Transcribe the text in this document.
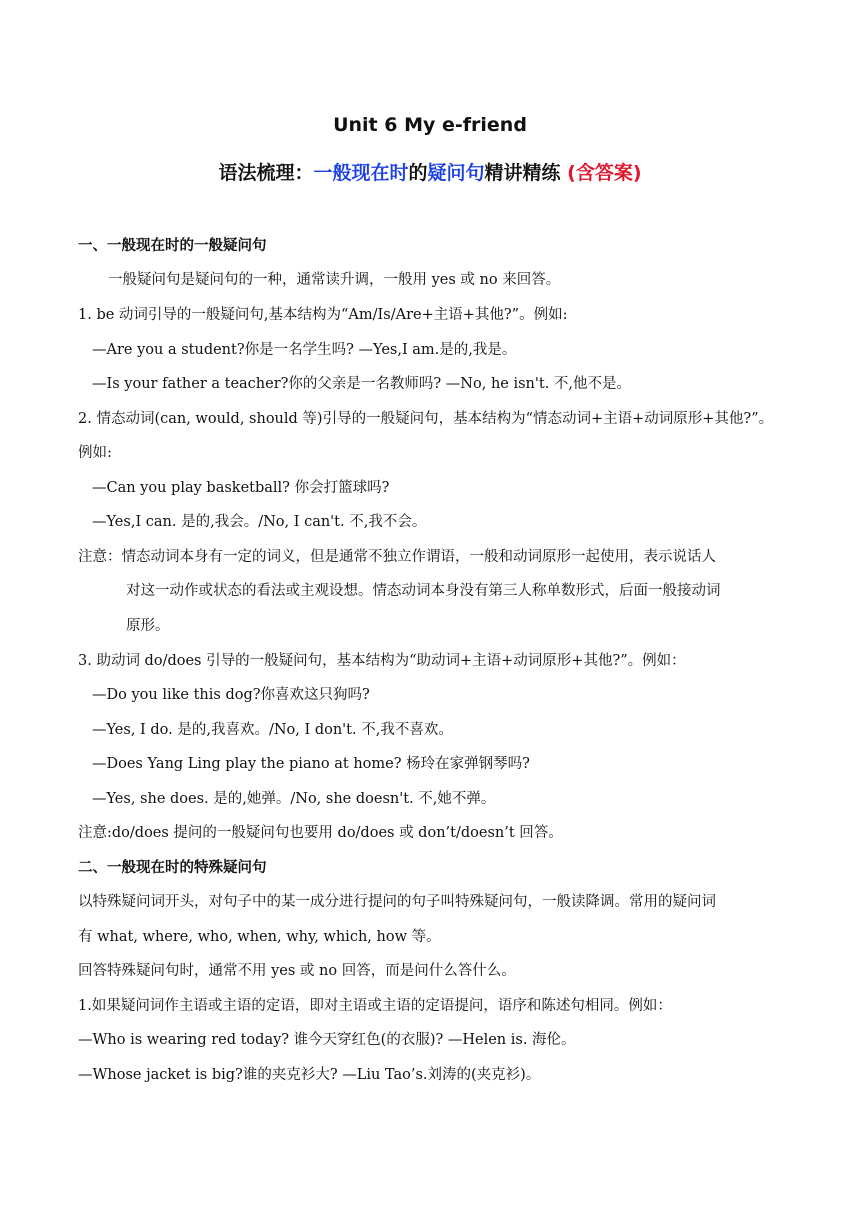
Unit 6 My e-friend
语法梳理：一般现在时的疑问句精讲精练 (含答案)
一、一般现在时的一般疑问句
一般疑问句是疑问句的一种，通常读升调，一般用 yes 或 no 来回答。
1. be 动词引导的一般疑问句,基本结构为“Am/Is/Are+主语+其他?”。例如:
—Are you a student?你是一名学生吗? —Yes,I am.是的,我是。
—Is your father a teacher?你的父亲是一名教师吗? —No, he isn't. 不,他不是。
2. 情态动词(can, would, should 等)引导的一般疑问句，基本结构为“情态动词+主语+动词原形+其他?”。
例如:
—Can you play basketball? 你会打篮球吗?
—Yes,I can. 是的,我会。/No, I can't. 不,我不会。
注意：情态动词本身有一定的词义，但是通常不独立作谓语，一般和动词原形一起使用，表示说话人
对这一动作或状态的看法或主观设想。情态动词本身没有第三人称单数形式，后面一般接动词
原形。
3. 助动词 do/does 引导的一般疑问句，基本结构为“助动词+主语+动词原形+其他?”。例如：
—Do you like this dog?你喜欢这只狗吗?
—Yes, I do. 是的,我喜欢。/No, I don't. 不,我不喜欢。
—Does Yang Ling play the piano at home? 杨玲在家弹钢琴吗?
—Yes, she does. 是的,她弹。/No, she doesn't. 不,她不弹。
注意:do/does 提问的一般疑问句也要用 do/does 或 don’t/doesn’t 回答。
二、一般现在时的特殊疑问句
以特殊疑问词开头，对句子中的某一成分进行提问的句子叫特殊疑问句，一般读降调。常用的疑问词
有 what, where, who, when, why, which, how 等。
回答特殊疑问句时，通常不用 yes 或 no 回答，而是问什么答什么。
1.如果疑问词作主语或主语的定语，即对主语或主语的定语提问，语序和陈述句相同。例如：
—Who is wearing red today? 谁今天穿红色(的衣服)? —Helen is. 海伦。
—Whose jacket is big?谁的夹克衫大? —Liu Tao’s.刘涛的(夹克衫)。
